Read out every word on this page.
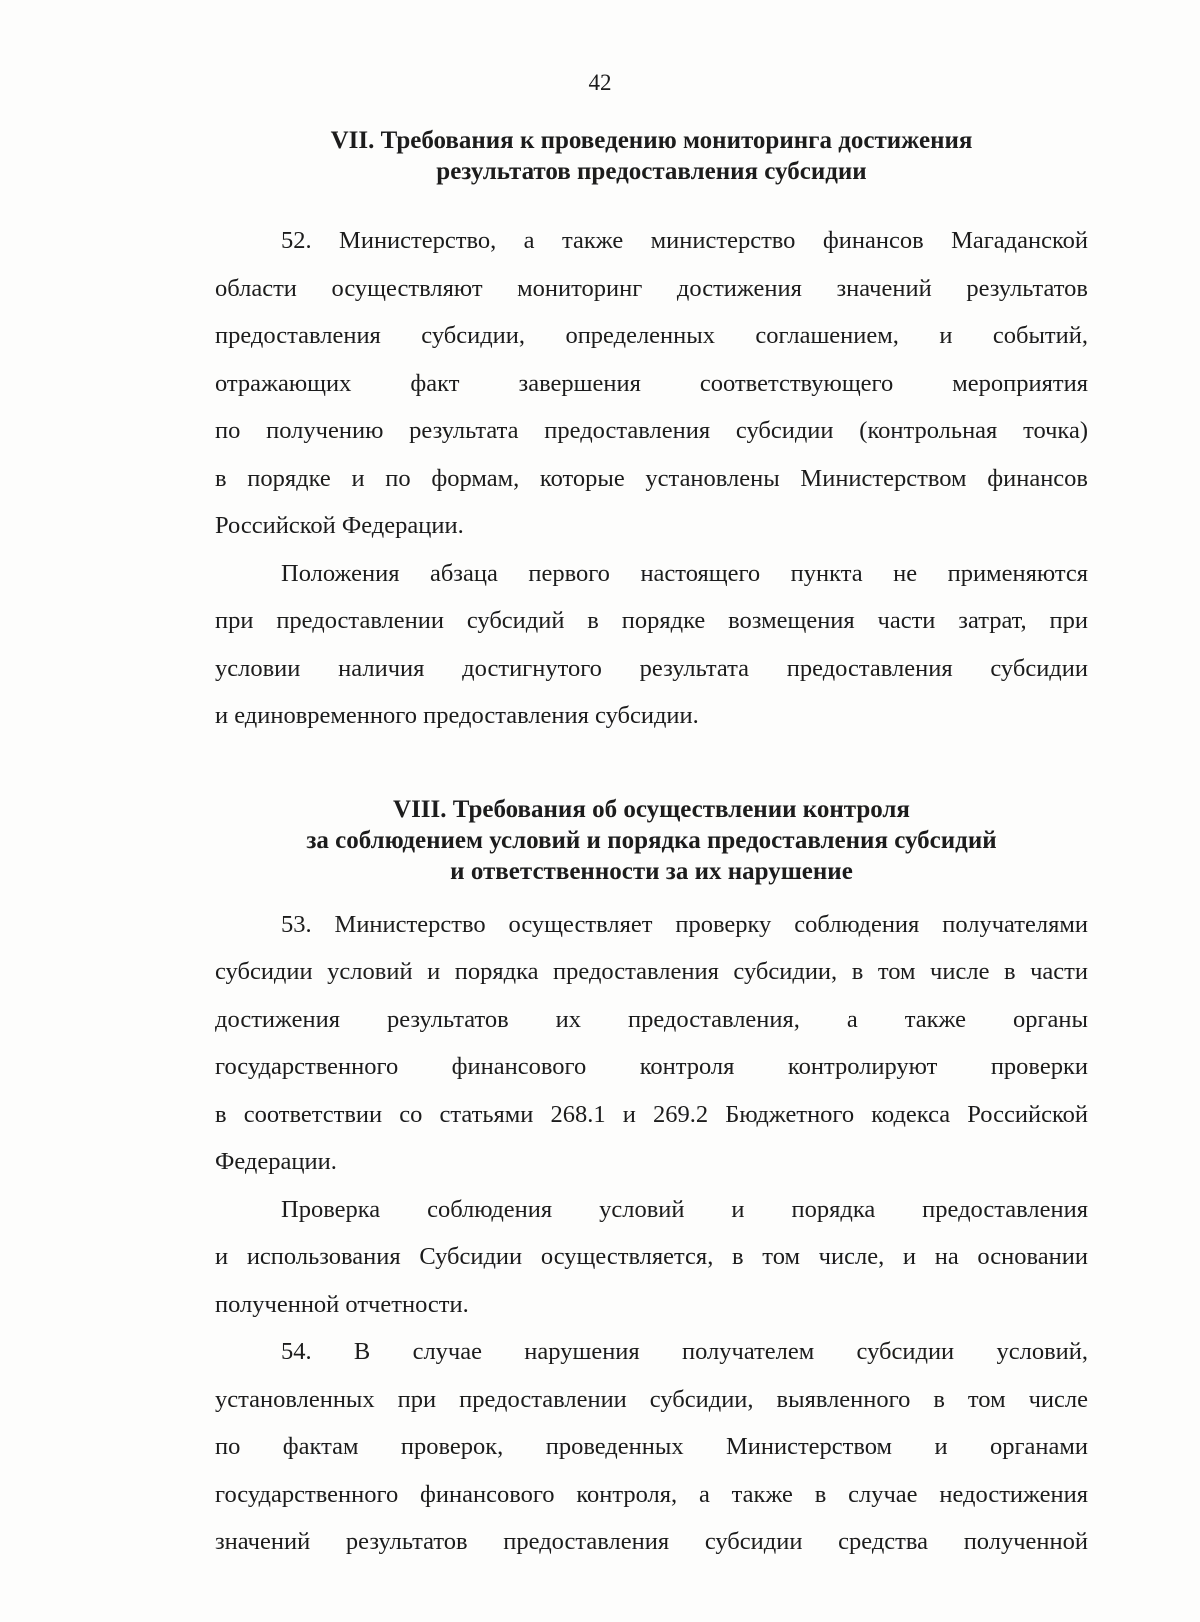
42
VII. Требования к проведению мониторинга достижения
результатов предоставления субсидии

52. Министерство, а также министерство финансов Магаданской
области осуществляют мониторинг достижения значений результатов
предоставления субсидии, определенных соглашением, и событий,
отражающих факт завершения соответствующего мероприятия
по получению результата предоставления субсидии (контрольная точка)
в порядке и по формам, которые установлены Министерством финансов
Российской Федерации.

Положения абзаца первого настоящего пункта не применяются
при предоставлении субсидий в порядке возмещения части затрат, при
условии наличия достигнутого результата предоставления субсидии
и единовременного предоставления субсидии.

VIII. Требования об осуществлении контроля
за соблюдением условий и порядка предоставления субсидий
и ответственности за их нарушение

53. Министерство осуществляет проверку соблюдения получателями
субсидии условий и порядка предоставления субсидии, в том числе в части
достижения результатов их предоставления, а также органы
государственного финансового контроля контролируют проверки
в соответствии со статьями 268.1 и 269.2 Бюджетного кодекса Российской
Федерации.

Проверка соблюдения условий и порядка предоставления
и использования Субсидии осуществляется, в том числе, и на основании
полученной отчетности.

54. В случае нарушения получателем субсидии условий,
установленных при предоставлении субсидии, выявленного в том числе
по фактам проверок, проведенных Министерством и органами
государственного финансового контроля, а также в случае недостижения
значений результатов предоставления субсидии средства полученной
